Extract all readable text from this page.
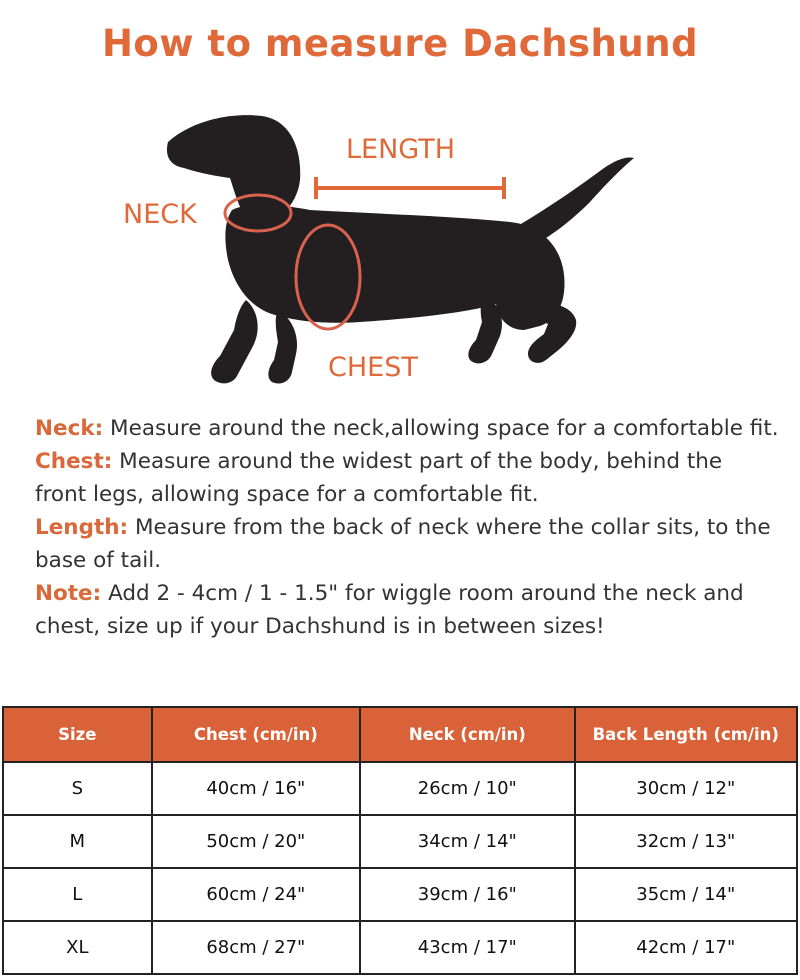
How to measure Dachshund
LENGTH
NECK
CHEST

Neck: Measure around the neck,allowing space for a comfortable fit.

Chest: Measure around the widest part of the body, behind the front legs, allowing space for a comfortable fit.

Length: Measure from the back of neck where the collar sits, to the base of tail.

Note: Add 2 - 4cm / 1 - 1.5" for wiggle room around the neck and chest, size up if your Dachshund is in between sizes!

Size	Chest (cm/in)	Neck (cm/in)	Back Length (cm/in)
S	40cm / 16"	26cm / 10"	30cm / 12"
M	50cm / 20"	34cm / 14"	32cm / 13"
L	60cm / 24"	39cm / 16"	35cm / 14"
XL	68cm / 27"	43cm / 17"	42cm / 17"
